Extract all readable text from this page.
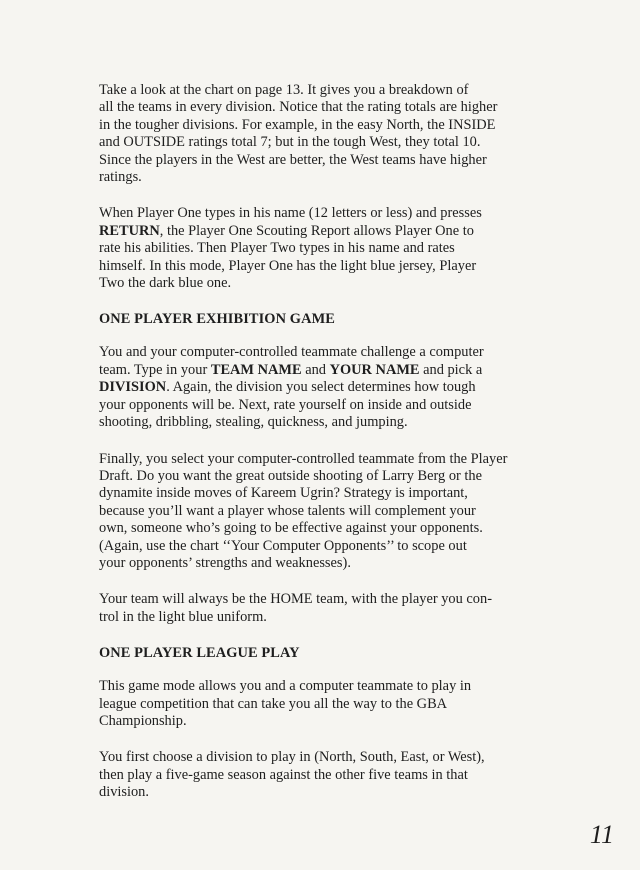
Take a look at the chart on page 13. It gives you a breakdown of
all the teams in every division. Notice that the rating totals are higher
in the tougher divisions. For example, in the easy North, the INSIDE
and OUTSIDE ratings total 7; but in the tough West, they total 10.
Since the players in the West are better, the West teams have higher
ratings.

When Player One types in his name (12 letters or less) and presses
RETURN, the Player One Scouting Report allows Player One to
rate his abilities. Then Player Two types in his name and rates
himself. In this mode, Player One has the light blue jersey, Player
Two the dark blue one.

ONE PLAYER EXHIBITION GAME

You and your computer-controlled teammate challenge a computer
team. Type in your TEAM NAME and YOUR NAME and pick a
DIVISION. Again, the division you select determines how tough
your opponents will be. Next, rate yourself on inside and outside
shooting, dribbling, stealing, quickness, and jumping.

Finally, you select your computer-controlled teammate from the Player
Draft. Do you want the great outside shooting of Larry Berg or the
dynamite inside moves of Kareem Ugrin? Strategy is important,
because you’ll want a player whose talents will complement your
own, someone who’s going to be effective against your opponents.
(Again, use the chart ‘‘Your Computer Opponents’’ to scope out
your opponents’ strengths and weaknesses).

Your team will always be the HOME team, with the player you con-
trol in the light blue uniform.

ONE PLAYER LEAGUE PLAY

This game mode allows you and a computer teammate to play in
league competition that can take you all the way to the GBA
Championship.

You first choose a division to play in (North, South, East, or West),
then play a five-game season against the other five teams in that
division.

11
